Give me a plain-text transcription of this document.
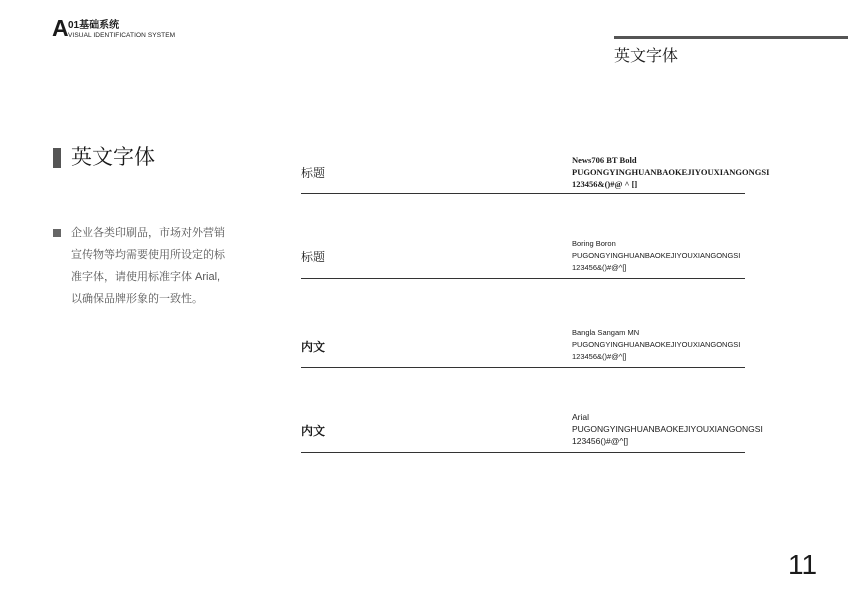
A 01基础系统
VISUAL IDENTIFICATION SYSTEM
英文字体
英文字体
企业各类印刷品，市场对外营销
宣传物等均需要使用所设定的标
准字体，请使用标准字体 Arial,
以确保品牌形象的一致性。
标题
News706 BT Bold
PUGONGYINGHUANBAOKEJIYOUXIANGONGSI
123456&()#@ ^ []
标题
Boring Boron
PUGONGYINGHUANBAOKEJIYOUXIANGONGSI
123456&()#@^[]
内文
Bangla Sangam MN
PUGONGYINGHUANBAOKEJIYOUXIANGONGSI
123456&()#@^[]
内文
Arial
PUGONGYINGHUANBAOKEJIYOUXIANGONGSI
123456()#@^[]
11
